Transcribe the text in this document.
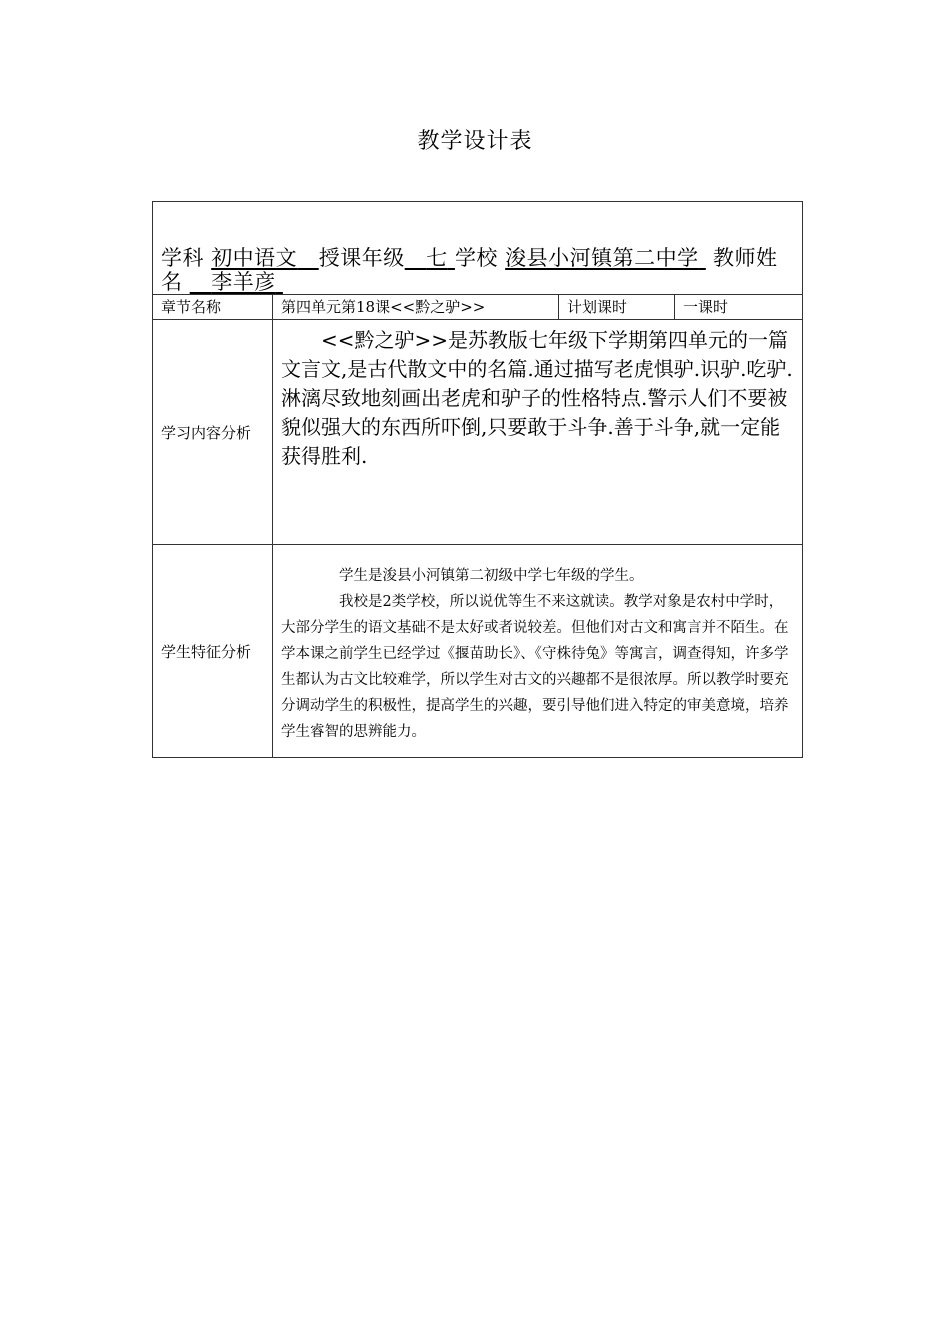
教学设计表
学科 初中语文 授课年级 七 学校 浚县小河镇第二中学 教师姓名 李羊彦			

章节名称	第四单元第18课<<黔之驴>>	计划课时	一课时
学习内容分析	<<黔之驴>>是苏教版七年级下学期第四单元的一篇文言文,是古代散文中的名篇.通过描写老虎惧驴.识驴.吃驴.淋漓尽致地刻画出老虎和驴子的性格特点.警示人们不要被貌似强大的东西所吓倒,只要敢于斗争.善于斗争,就一定能获得胜利.		
学生特征分析	学生是浚县小河镇第二初级中学七年级的学生。

我校是2类学校，所以说优等生不来这就读。教学对象是农村中学时，大部分学生的语文基础不是太好或者说较差。但他们对古文和寓言并不陌生。在学本课之前学生已经学过《揠苗助长》、《守株待兔》等寓言，调查得知，许多学生都认为古文比较难学，所以学生对古文的兴趣都不是很浓厚。所以教学时要充分调动学生的积极性，提高学生的兴趣，要引导他们进入特定的审美意境，培养学生睿智的思辨能力。		
